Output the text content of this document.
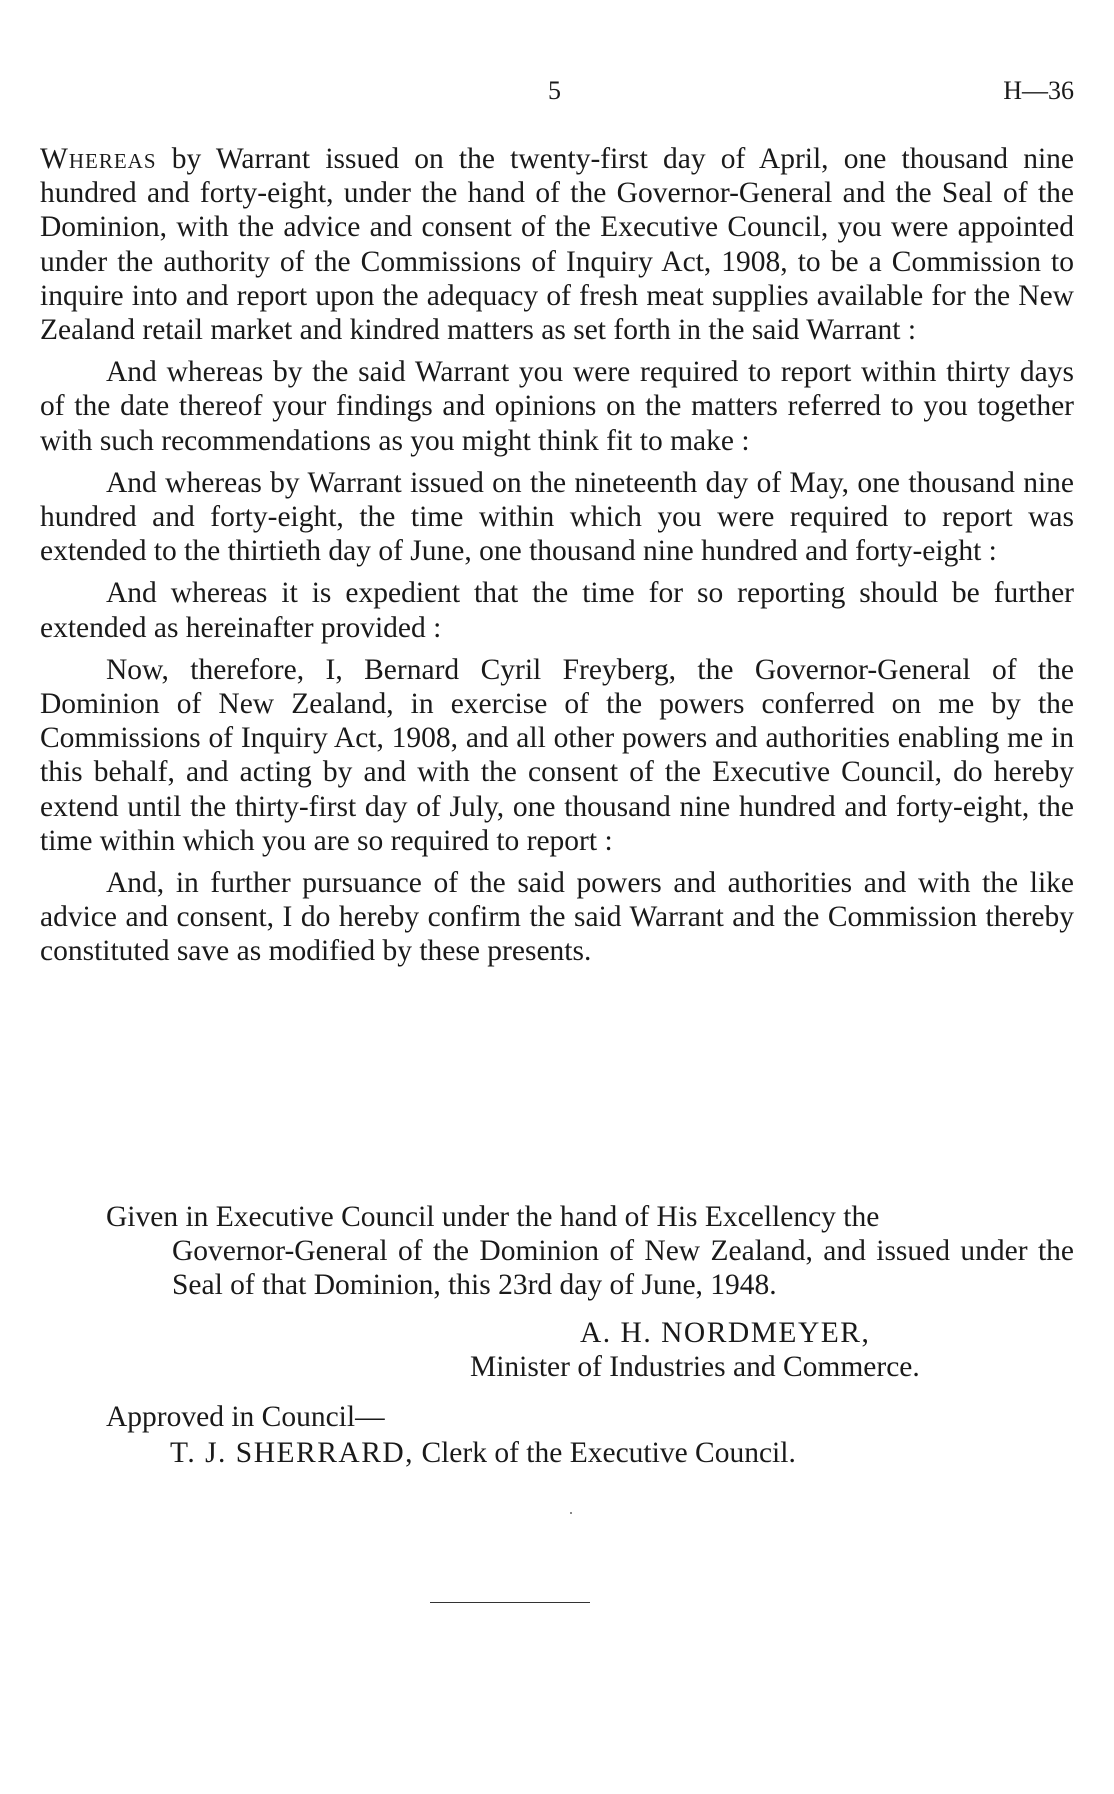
5	H—36

Whereas by Warrant issued on the twenty-first day of April, one thousand nine hundred and forty-eight, under the hand of the Governor-General and the Seal of the Dominion, with the advice and consent of the Executive Council, you were appointed under the authority of the Commissions of Inquiry Act, 1908, to be a Commission to inquire into and report upon the adequacy of fresh meat supplies available for the New Zealand retail market and kindred matters as set forth in the said Warrant :

And whereas by the said Warrant you were required to report within thirty days of the date thereof your findings and opinions on the matters referred to you together with such recommendations as you might think fit to make :

And whereas by Warrant issued on the nineteenth day of May, one thousand nine hundred and forty-eight, the time within which you were required to report was extended to the thirtieth day of June, one thousand nine hundred and forty-eight :

And whereas it is expedient that the time for so reporting should be further extended as hereinafter provided :

Now, therefore, I, Bernard Cyril Freyberg, the Governor-General of the Dominion of New Zealand, in exercise of the powers conferred on me by the Commissions of Inquiry Act, 1908, and all other powers and authorities enabling me in this behalf, and acting by and with the consent of the Executive Council, do hereby extend until the thirty-first day of July, one thousand nine hundred and forty-eight, the time within which you are so required to report :

And, in further pursuance of the said powers and authorities and with the like advice and consent, I do hereby confirm the said Warrant and the Commission thereby constituted save as modified by these presents.

Given in Executive Council under the hand of His Excellency the
Governor-General of the Dominion of New Zealand, and issued under the Seal of that Dominion, this 23rd day of June, 1948.
A. H. NORDMEYER,
Minister of Industries and Commerce.
Approved in Council—
T. J. SHERRARD, Clerk of the Executive Council.
